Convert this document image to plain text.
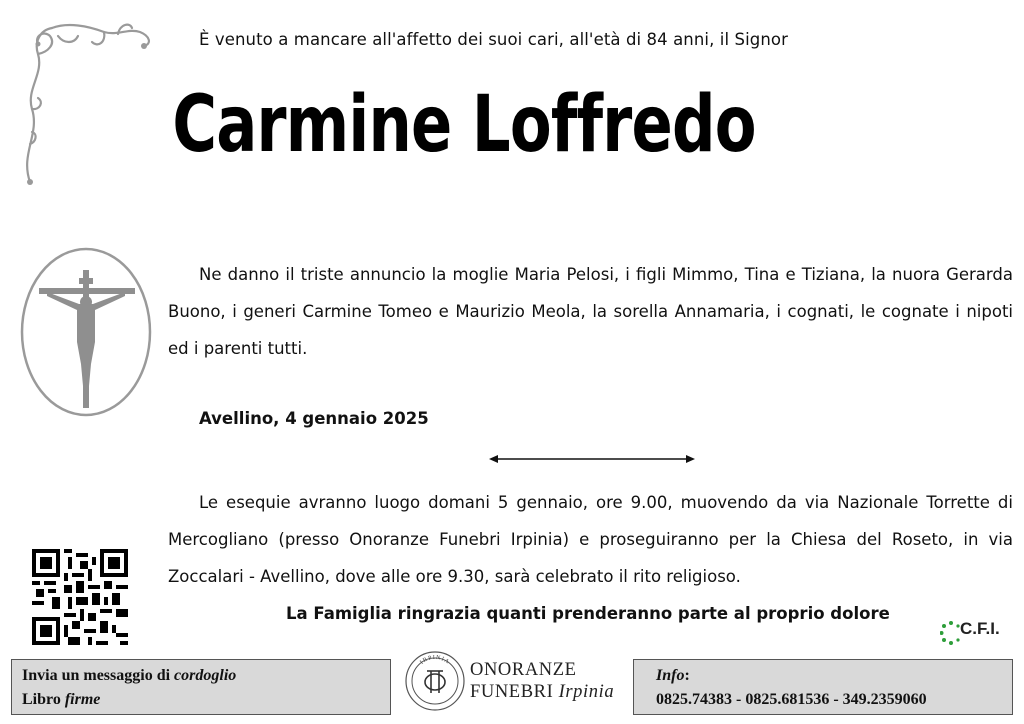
È venuto a mancare all'affetto dei suoi cari, all'età di 84 anni, il Signor
Carmine Loffredo
Ne danno il triste annuncio la moglie Maria Pelosi, i figli Mimmo, Tina e Tiziana, la nuora Gerarda Buono, i generi Carmine Tomeo e Maurizio Meola, la sorella Annamaria, i cognati, le cognate i nipoti ed i parenti tutti.
Avellino, 4 gennaio 2025
Le esequie avranno luogo domani 5 gennaio, ore 9.00, muovendo da via Nazionale Torrette di Mercogliano (presso Onoranze Funebri Irpinia) e proseguiranno per la Chiesa del Roseto, in via Zoccalari - Avellino, dove alle ore 9.30, sarà celebrato il rito religioso.
La Famiglia ringrazia quanti prenderanno parte al proprio dolore
C.F.I.
Invia un messaggio di cordoglio
Libro firme
IRPINIA ONORANZE
FUNEBRI Irpinia
Info:
0825.74383 - 0825.681536 - 349.2359060
